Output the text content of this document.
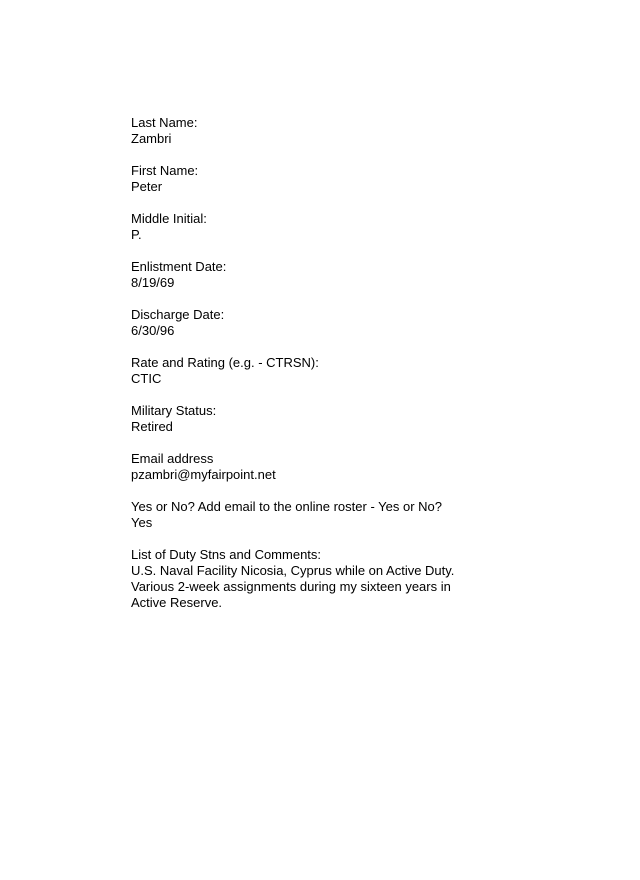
Last Name:
Zambri
First Name:
Peter
Middle Initial:
P.
Enlistment Date:
8/19/69
Discharge Date:
6/30/96
Rate and Rating (e.g. - CTRSN):
CTIC
Military Status:
Retired
Email address
pzambri@myfairpoint.net
Yes or No? Add email to the online roster - Yes or No?
Yes
List of Duty Stns and Comments:
U.S. Naval Facility Nicosia, Cyprus while on Active Duty.
Various 2-week assignments during my sixteen years in
Active Reserve.
